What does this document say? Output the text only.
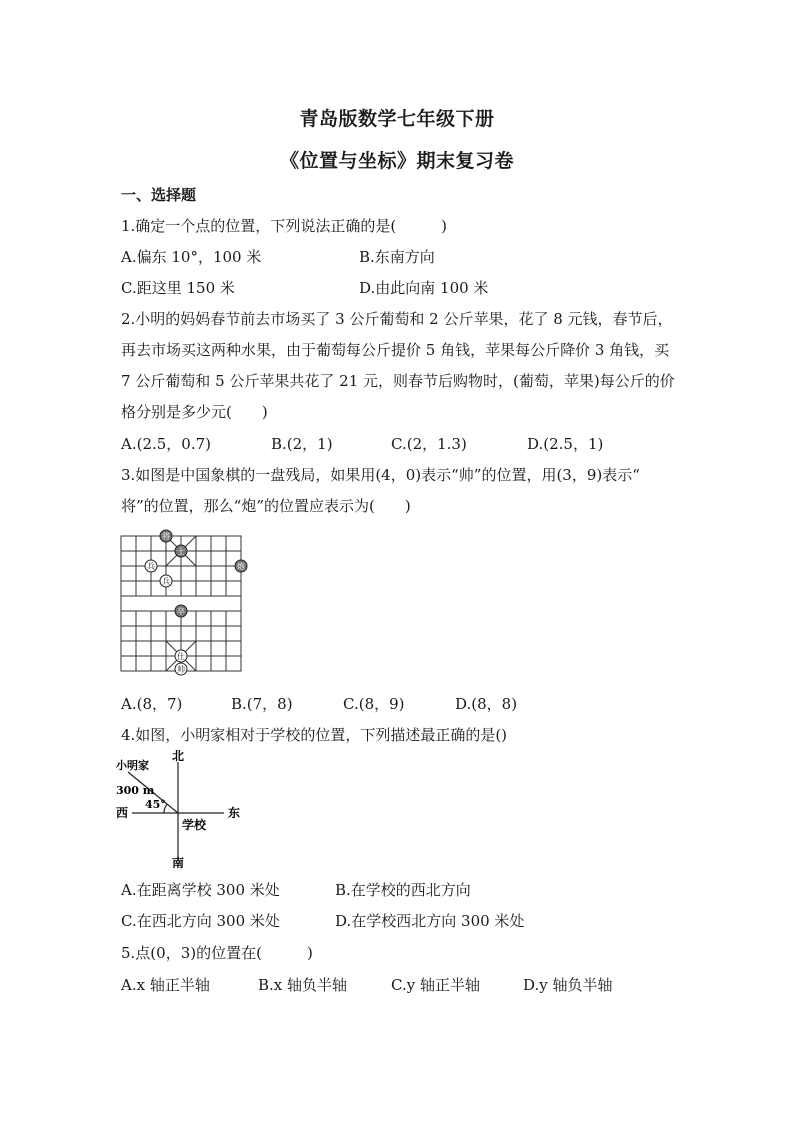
青岛版数学七年级下册
《位置与坐标》期末复习卷
一、选择题
1.确定一个点的位置，下列说法正确的是(　　　)
A.偏东 10°，100 米	B.东南方向
C.距这里 150 米	D.由此向南 100 米
2.小明的妈妈春节前去市场买了 3 公斤葡萄和 2 公斤苹果，花了 8 元钱，春节后，
再去市场买这两种水果，由于葡萄每公斤提价 5 角钱，苹果每公斤降价 3 角钱，买
7 公斤葡萄和 5 公斤苹果共花了 21 元，则春节后购物时，(葡萄，苹果)每公斤的价
格分别是多少元(　　)
A.(2.5，0.7)	B.(2，1)	C.(2，1.3)	D.(2.5，1)
3.如图是中国象棋的一盘残局，如果用(4，0)表示“帅”的位置，用(3，9)表示“
将”的位置，那么“炮”的位置应表示为(　　)
将
士
兵
兵
炮
卒
仕
帅
A.(8，7)	B.(7，8)	C.(8，9)	D.(8，8)
4.如图，小明家相对于学校的位置，下列描述最正确的是()
北
南
东
西
小明家
300 m
45°
学校
A.在距离学校 300 米处	B.在学校的西北方向
C.在西北方向 300 米处	D.在学校西北方向 300 米处
5.点(0，3)的位置在(　　　)
A.x 轴正半轴	B.x 轴负半轴	C.y 轴正半轴	D.y 轴负半轴
